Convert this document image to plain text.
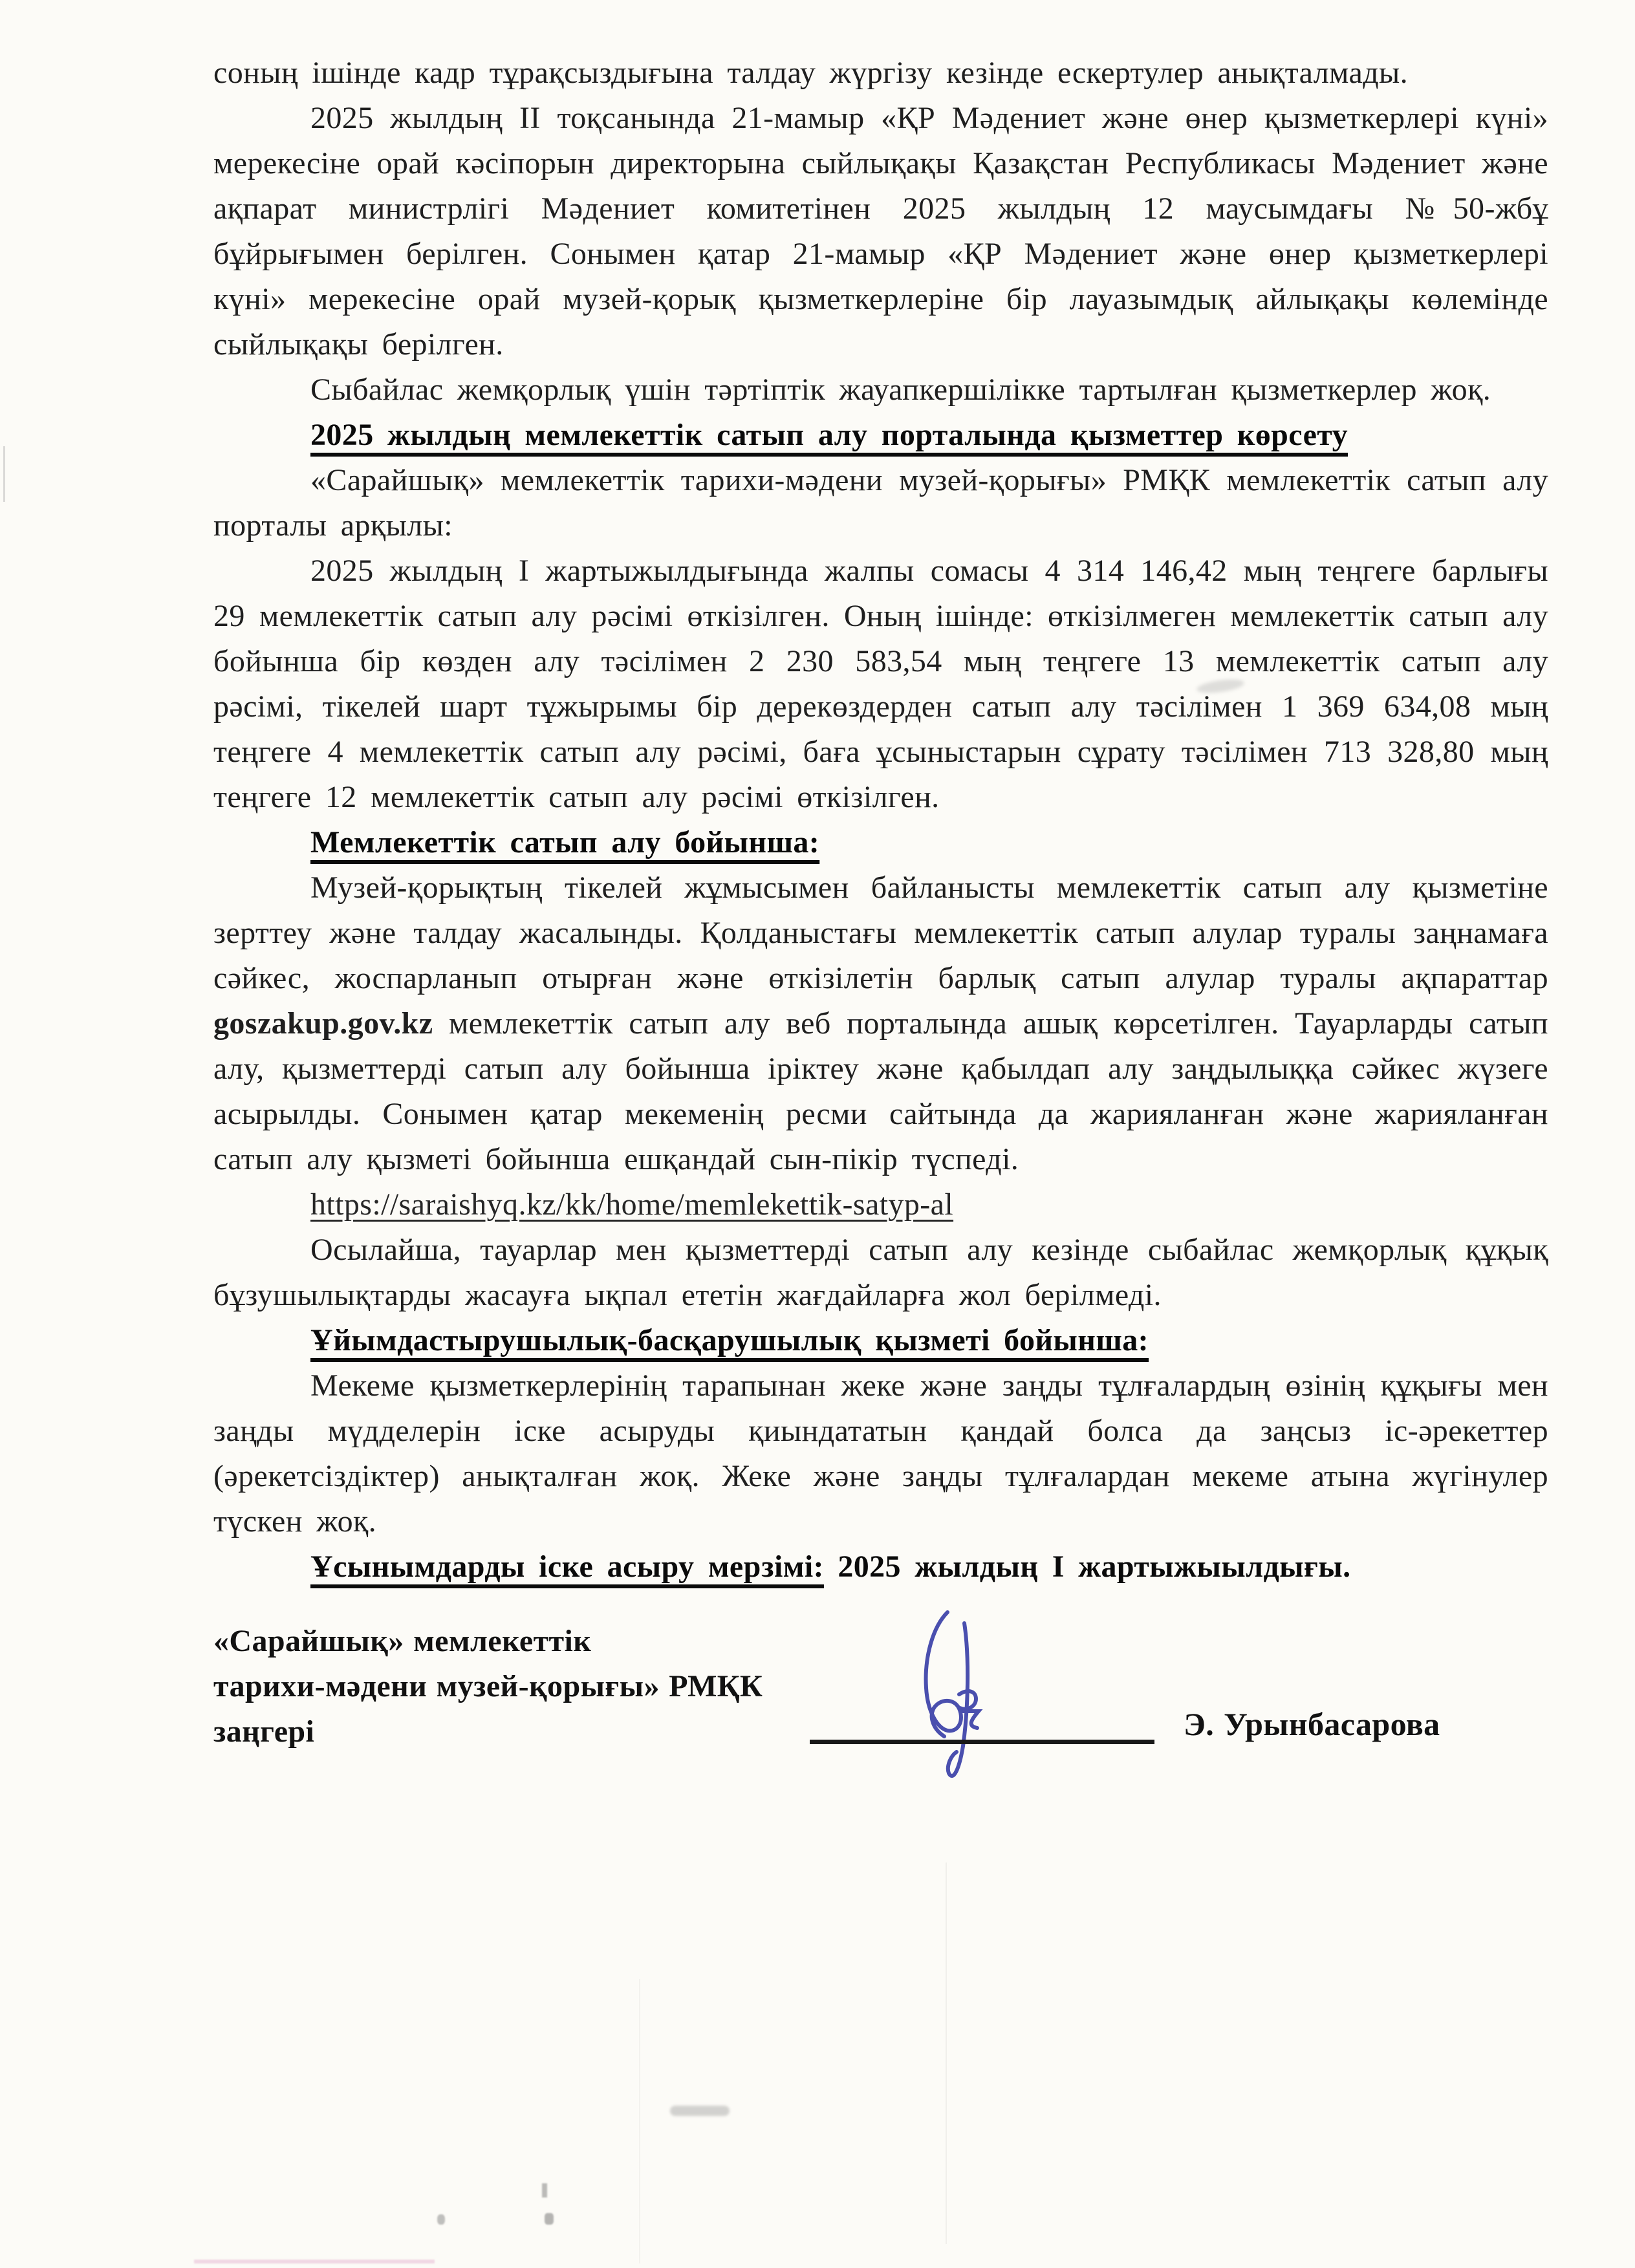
соның ішінде кадр тұрақсыздығына талдау жүргізу кезінде ескертулер анықталмады.

2025 жылдың II тоқсанында 21-мамыр «ҚР Мәдениет және өнер қызметкерлері күні» мерекесіне орай кәсіпорын директорына сыйлықақы Қазақстан Республикасы Мәдениет және ақпарат министрлігі Мәдениет комитетінен 2025 жылдың 12 маусымдағы №50-жбұ бұйрығымен берілген. Сонымен қатар 21-мамыр «ҚР Мәдениет және өнер қызметкерлері күні» мерекесіне орай музей-қорық қызметкерлеріне бір лауазымдық айлықақы көлемінде сыйлықақы берілген.

Сыбайлас жемқорлық үшін тәртіптік жауапкершілікке тартылған қызметкерлер жоқ.

2025 жылдың мемлекеттік сатып алу порталында қызметтер көрсету

«Сарайшық» мемлекеттік тарихи-мәдени музей-қорығы» РМҚК мемлекеттік сатып алу порталы арқылы:

2025 жылдың I жартыжылдығында жалпы сомасы 4 314 146,42 мың теңгеге барлығы 29 мемлекеттік сатып алу рәсімі өткізілген. Оның ішінде: өткізілмеген мемлекеттік сатып алу бойынша бір көзден алу тәсілімен 2 230 583,54 мың теңгеге 13 мемлекеттік сатып алу рәсімі, тікелей шарт тұжырымы бір дерекөздерден сатып алу тәсілімен 1 369 634,08 мың теңгеге 4 мемлекеттік сатып алу рәсімі, баға ұсыныстарын сұрату тәсілімен 713 328,80 мың теңгеге 12 мемлекеттік сатып алу рәсімі өткізілген.

Мемлекеттік сатып алу бойынша:

Музей-қорықтың тікелей жұмысымен байланысты мемлекеттік сатып алу қызметіне зерттеу және талдау жасалынды. Қолданыстағы мемлекеттік сатып алулар туралы заңнамаға сәйкес, жоспарланып отырған және өткізілетін барлық сатып алулар туралы ақпараттар goszakup.gov.kz мемлекеттік сатып алу веб порталында ашық көрсетілген. Тауарларды сатып алу, қызметтерді сатып алу бойынша іріктеу және қабылдап алу заңдылыққа сәйкес жүзеге асырылды. Сонымен қатар мекеменің ресми сайтында да жарияланған және жарияланған сатып алу қызметі бойынша ешқандай сын-пікір түспеді.

https://saraishyq.kz/kk/home/memlekettik-satyp-al

Осылайша, тауарлар мен қызметтерді сатып алу кезінде сыбайлас жемқорлық құқық бұзушылықтарды жасауға ықпал ететін жағдайларға жол берілмеді.

Ұйымдастырушылық-басқарушылық қызметі бойынша:

Мекеме қызметкерлерінің тарапынан жеке және заңды тұлғалардың өзінің құқығы мен заңды мүдделерін іске асыруды қиындататын қандай болса да заңсыз іс-әрекеттер (әрекетсіздіктер) анықталған жоқ. Жеке және заңды тұлғалардан мекеме атына жүгінулер түскен жоқ.

Ұсынымдарды іске асыру мерзімі: 2025 жылдың I жартыжыылдығы.

«Сарайшық» мемлекеттік
тарихи-мәдени музей-қорығы» РМҚК
заңгері	Э. Урынбасарова
